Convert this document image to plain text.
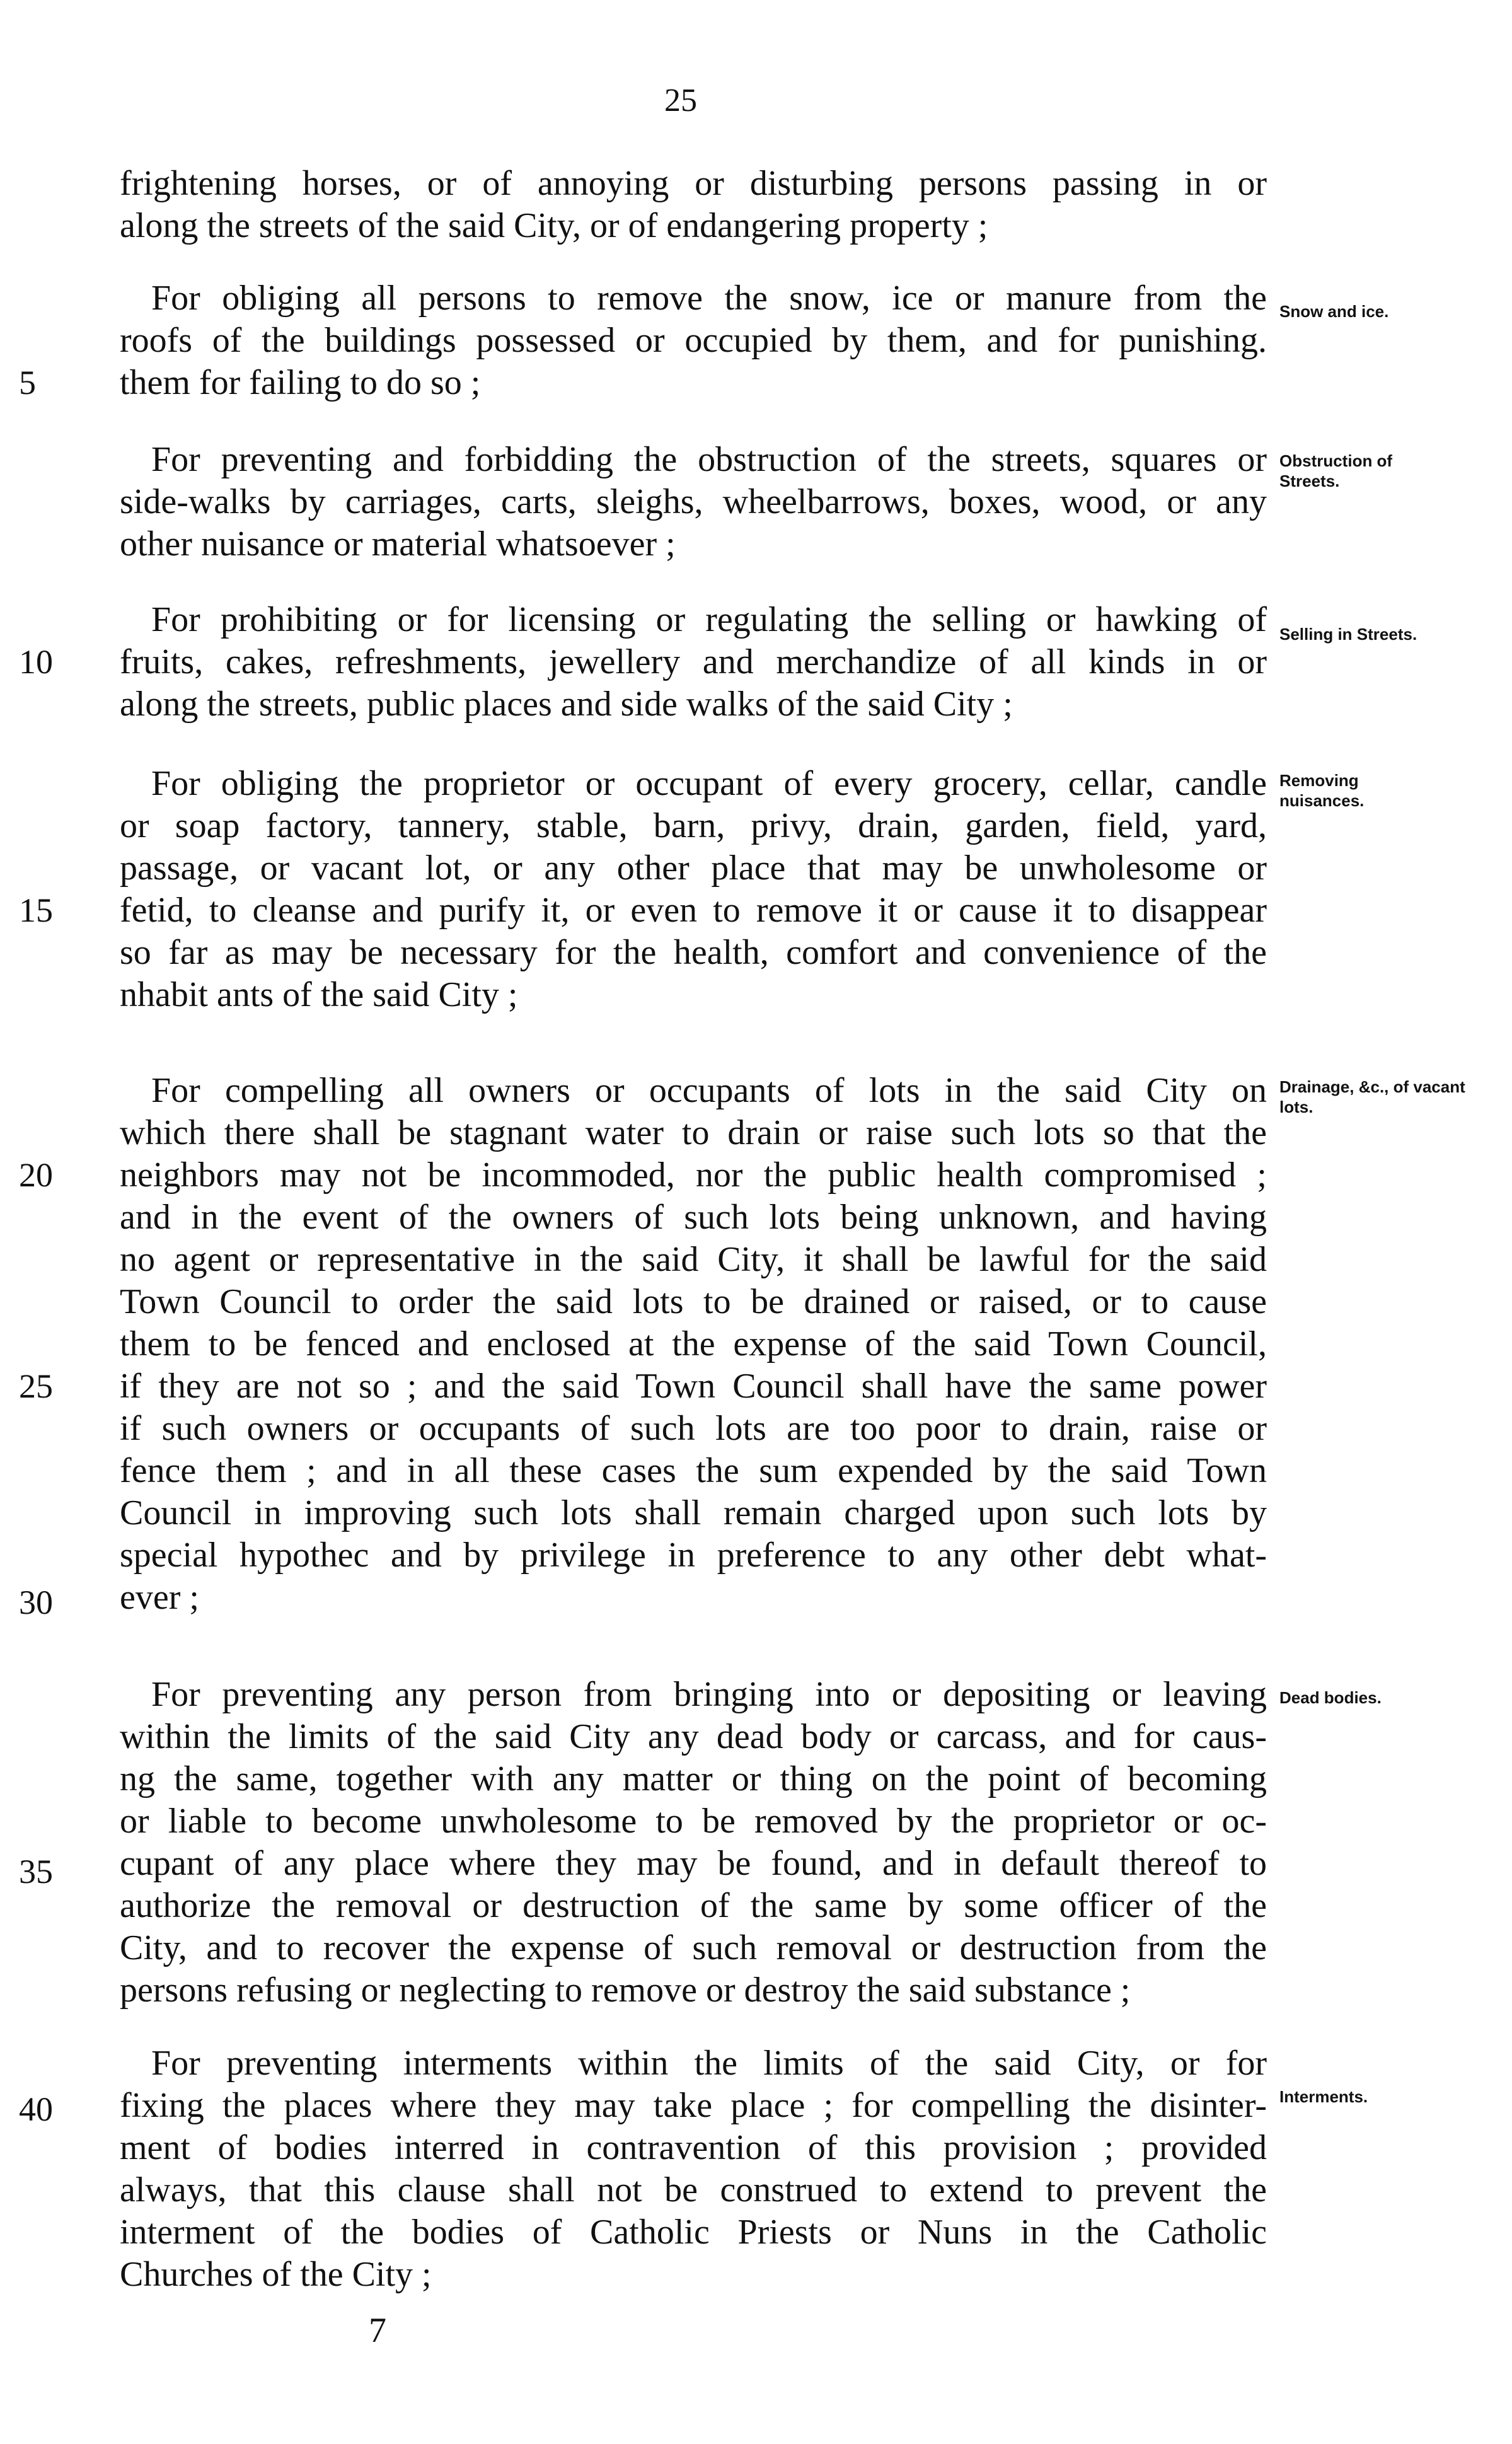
25
frightening horses, or of annoying or disturbing persons passing in or
along the streets of the said City, or of endangering property ;
For obliging all persons to remove the snow, ice or manure from the
roofs of the buildings possessed or occupied by them, and for punishing.
them for failing to do so ;
Snow and ice.
For preventing and forbidding the obstruction of the streets, squares or
side-walks by carriages, carts, sleighs, wheelbarrows, boxes, wood, or any
other nuisance or material whatsoever ;
Obstruction of Streets.
For prohibiting or for licensing or regulating the selling or hawking of
fruits, cakes, refreshments, jewellery and merchandize of all kinds in or
along the streets, public places and side walks of the said City ;
Selling in Streets.
For obliging the proprietor or occupant of every grocery, cellar, candle
or soap factory, tannery, stable, barn, privy, drain, garden, field, yard,
passage, or vacant lot, or any other place that may be unwholesome or
fetid, to cleanse and purify it, or even to remove it or cause it to disappear
so far as may be necessary for the health, comfort and convenience of the
nhabit ants of the said City ;
Removing nuisances.
For compelling all owners or occupants of lots in the said City on
which there shall be stagnant water to drain or raise such lots so that the
neighbors may not be incommoded, nor the public health compromised ;
and in the event of the owners of such lots being unknown, and having
no agent or representative in the said City, it shall be lawful for the said
Town Council to order the said lots to be drained or raised, or to cause
them to be fenced and enclosed at the expense of the said Town Council,
if they are not so ; and the said Town Council shall have the same power
if such owners or occupants of such lots are too poor to drain, raise or
fence them ; and in all these cases the sum expended by the said Town
Council in improving such lots shall remain charged upon such lots by
special hypothec and by privilege in preference to any other debt what-
ever ;
Drainage, &c., of vacant lots.
For preventing any person from bringing into or depositing or leaving
within the limits of the said City any dead body or carcass, and for caus-
ng the same, together with any matter or thing on the point of becoming
or liable to become unwholesome to be removed by the proprietor or oc-
cupant of any place where they may be found, and in default thereof to
authorize the removal or destruction of the same by some officer of the
City, and to recover the expense of such removal or destruction from the
persons refusing or neglecting to remove or destroy the said substance ;
Dead bodies.
For preventing interments within the limits of the said City, or for
fixing the places where they may take place ; for compelling the disinter-
ment of bodies interred in contravention of this provision ; provided
always, that this clause shall not be construed to extend to prevent the
interment of the bodies of Catholic Priests or Nuns in the Catholic
Churches of the City ;
Interments.
5
10
15
20
25
30
35
40
7
